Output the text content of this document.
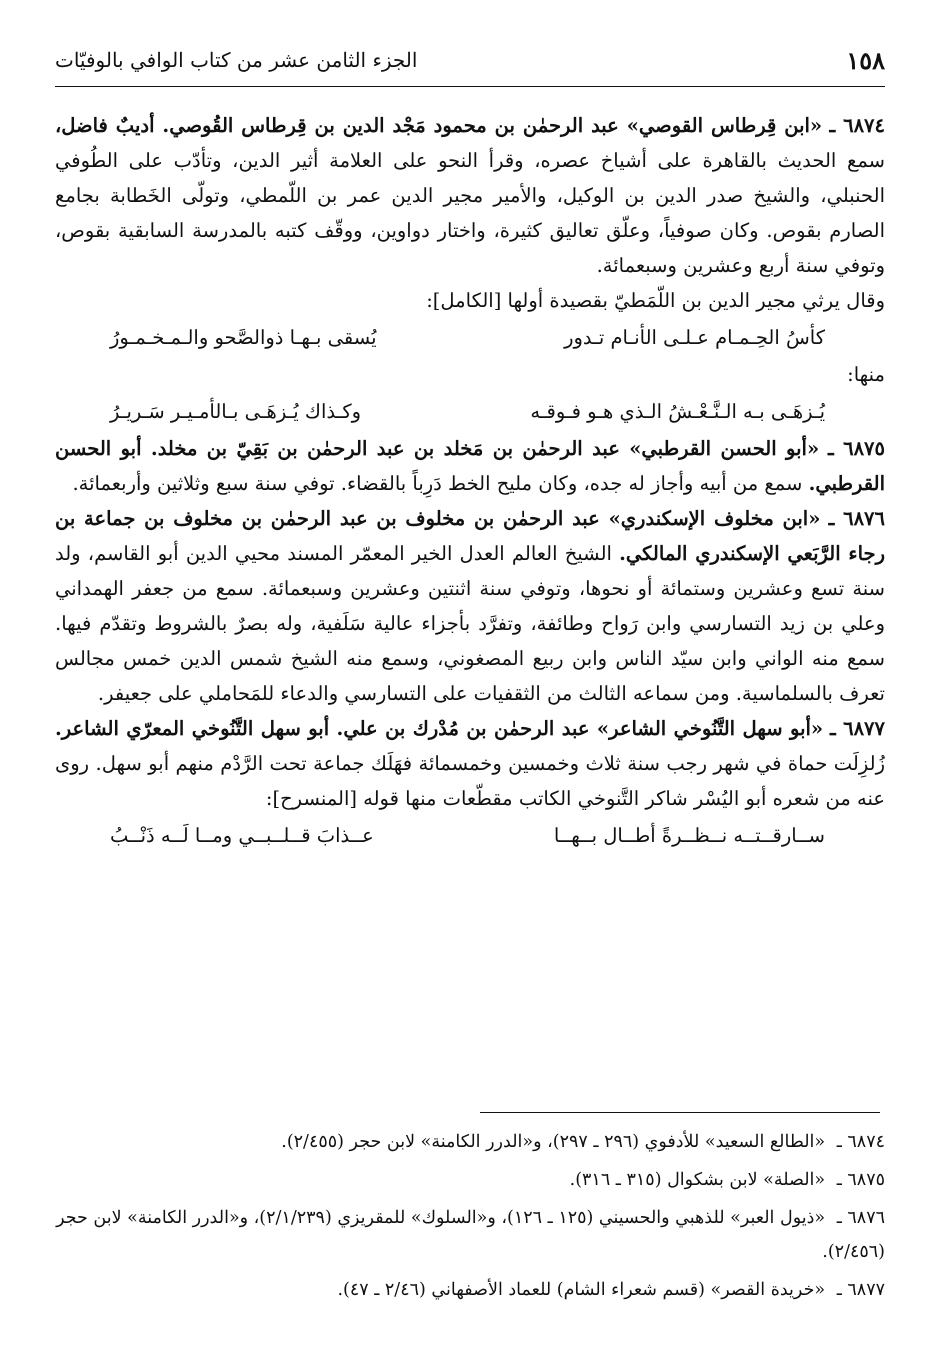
١٥٨
الجزء الثامن عشر من كتاب الوافي بالوفيّات

٦٨٧٤ ـ «ابن قِرطاس القوصي» عبد الرحمٰن بن محمود مَجْد الدين بن قِرطاس القُوصي. أديبٌ فاضل، سمع الحديث بالقاهرة على أشياخ عصره، وقرأ النحو على العلامة أثير الدين، وتأدّب على الطُوفي الحنبلي، والشيخ صدر الدين بن الوكيل، والأمير مجير الدين عمر بن اللّمطي، وتولّى الخَطابة بجامع الصارم بقوص. وكان صوفياً، وعلّق تعاليق كثيرة، واختار دواوين، ووقّف كتبه بالمدرسة السابقية بقوص، وتوفي سنة أربع وعشرين وسبعمائة.
وقال يرثي مجير الدين بن اللّمَطيّ بقصيدة أولها [الكامل]:

كأسُ الحِـمـام عـلـى الأنـام تـدور
يُسقى بـهـا ذوالصَّحو والـمـخـمـورُ

منها:

يُـزهَـى بـه الـنَّـعْـشُ الـذي هـو فـوقـه
وكـذاك يُـزهَـى بـالأمـيـر سَـريـرُ

٦٨٧٥ ـ «أبو الحسن القرطبي» عبد الرحمٰن بن مَخلد بن عبد الرحمٰن بن بَقِيّ بن مخلد. أبو الحسن القرطبي. سمع من أبيه وأجاز له جده، وكان مليح الخط دَرِباً بالقضاء. توفي سنة سبع وثلاثين وأربعمائة.

٦٨٧٦ ـ «ابن مخلوف الإسكندري» عبد الرحمٰن بن مخلوف بن عبد الرحمٰن بن مخلوف بن جماعة بن رجاء الرَّبَعي الإسكندري المالكي. الشيخ العالم العدل الخير المعمّر المسند محيي الدين أبو القاسم، ولد سنة تسع وعشرين وستمائة أو نحوها، وتوفي سنة اثنتين وعشرين وسبعمائة. سمع من جعفر الهمداني وعلي بن زيد التسارسي وابن رَواح وطائفة، وتفرَّد بأجزاء عالية سَلَفية، وله بصرٌ بالشروط وتقدّم فيها. سمع منه الواني وابن سيّد الناس وابن ربيع المصغوني، وسمع منه الشيخ شمس الدين خمس مجالس تعرف بالسلماسية. ومن سماعه الثالث من الثقفيات على التسارسي والدعاء للمَحاملي على جعيفر.

٦٨٧٧ ـ «أبو سهل التَّنُوخي الشاعر» عبد الرحمٰن بن مُدْرك بن علي. أبو سهل التَّنُوخي المعرّي الشاعر. زُلزِلَت حماة في شهر رجب سنة ثلاث وخمسين وخمسمائة فهَلَك جماعة تحت الرَّدْم منهم أبو سهل. روى عنه من شعره أبو اليُسْر شاكر التَّنوخي الكاتب مقطّعات منها قوله [المنسرح]:

ســارقــتــه نــظــرةً أطــال بــهــا
عــذابَ قــلــبــي ومــا لَــه ذَنْــبُ

٦٨٧٤ ـ «الطالع السعيد» للأدفوي (٢٩٦ ـ ٢٩٧)، و«الدرر الكامنة» لابن حجر (٢/٤٥٥).

٦٨٧٥ ـ «الصلة» لابن بشكوال (٣١٥ ـ ٣١٦).

٦٨٧٦ ـ «ذيول العبر» للذهبي والحسيني (١٢٥ ـ ١٢٦)، و«السلوك» للمقريزي (٢/١/٢٣٩)، و«الدرر الكامنة» لابن حجر (٢/٤٥٦).

٦٨٧٧ ـ «خريدة القصر» (قسم شعراء الشام) للعماد الأصفهاني (٢/٤٦ ـ ٤٧).
